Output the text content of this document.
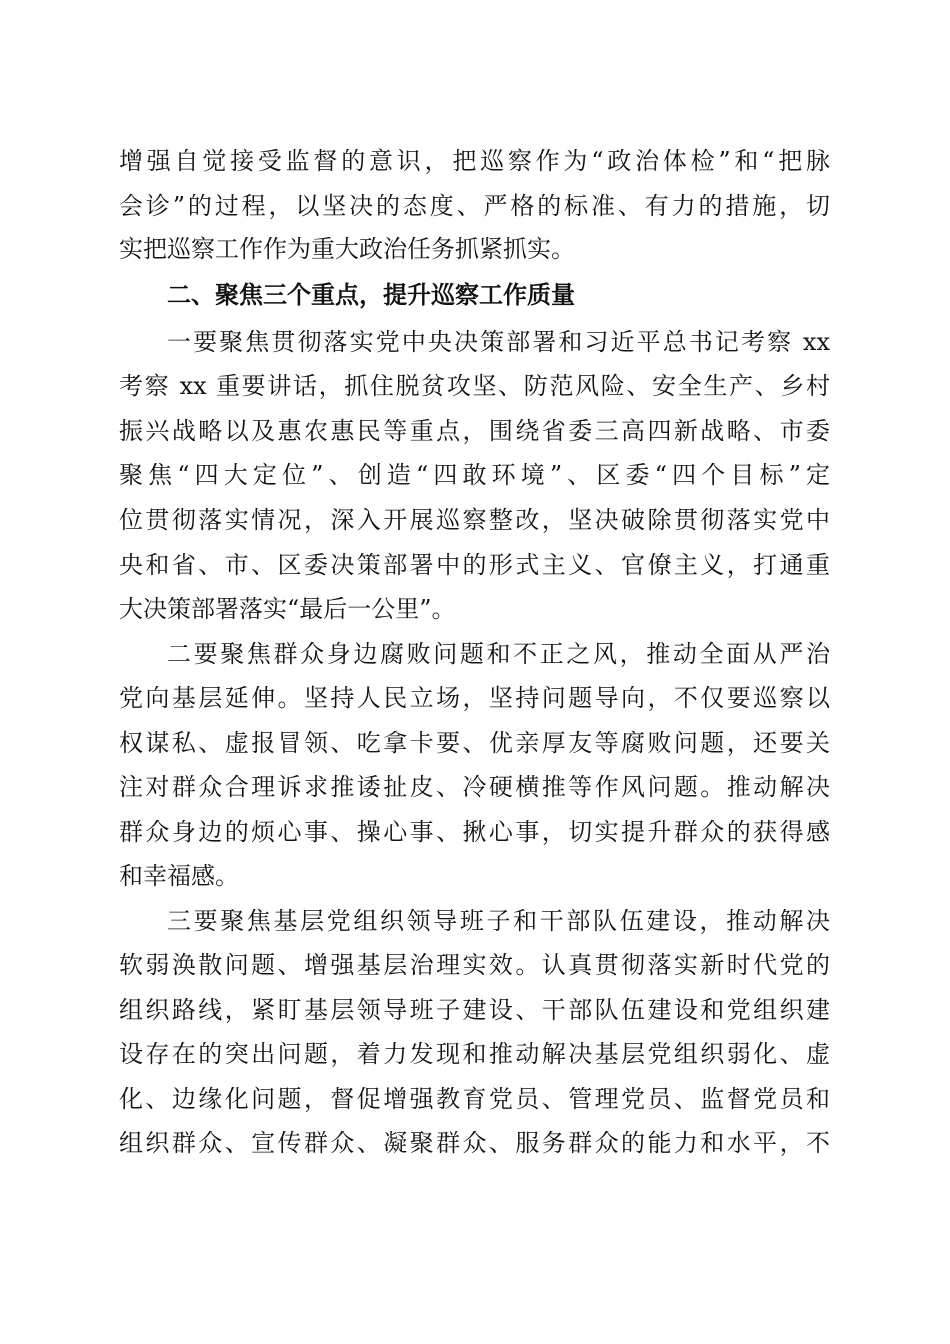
增强自觉接受监督的意识，把巡察作为“政治体检”和“把脉
会诊”的过程，以坚决的态度、严格的标准、有力的措施，切
实把巡察工作作为重大政治任务抓紧抓实。
二、聚焦三个重点，提升巡察工作质量
一要聚焦贯彻落实党中央决策部署和习近平总书记考察 xx
考察 xx 重要讲话，抓住脱贫攻坚、防范风险、安全生产、乡村
振兴战略以及惠农惠民等重点，围绕省委三高四新战略、市委
聚焦“四大定位”、创造“四敢环境”、区委“四个目标”定
位贯彻落实情况，深入开展巡察整改，坚决破除贯彻落实党中
央和省、市、区委决策部署中的形式主义、官僚主义，打通重
大决策部署落实“最后一公里”。
二要聚焦群众身边腐败问题和不正之风，推动全面从严治
党向基层延伸。坚持人民立场，坚持问题导向，不仅要巡察以
权谋私、虚报冒领、吃拿卡要、优亲厚友等腐败问题，还要关
注对群众合理诉求推诿扯皮、冷硬横推等作风问题。推动解决
群众身边的烦心事、操心事、揪心事，切实提升群众的获得感
和幸福感。
三要聚焦基层党组织领导班子和干部队伍建设，推动解决
软弱涣散问题、增强基层治理实效。认真贯彻落实新时代党的
组织路线，紧盯基层领导班子建设、干部队伍建设和党组织建
设存在的突出问题，着力发现和推动解决基层党组织弱化、虚
化、边缘化问题，督促增强教育党员、管理党员、监督党员和
组织群众、宣传群众、凝聚群众、服务群众的能力和水平，不
